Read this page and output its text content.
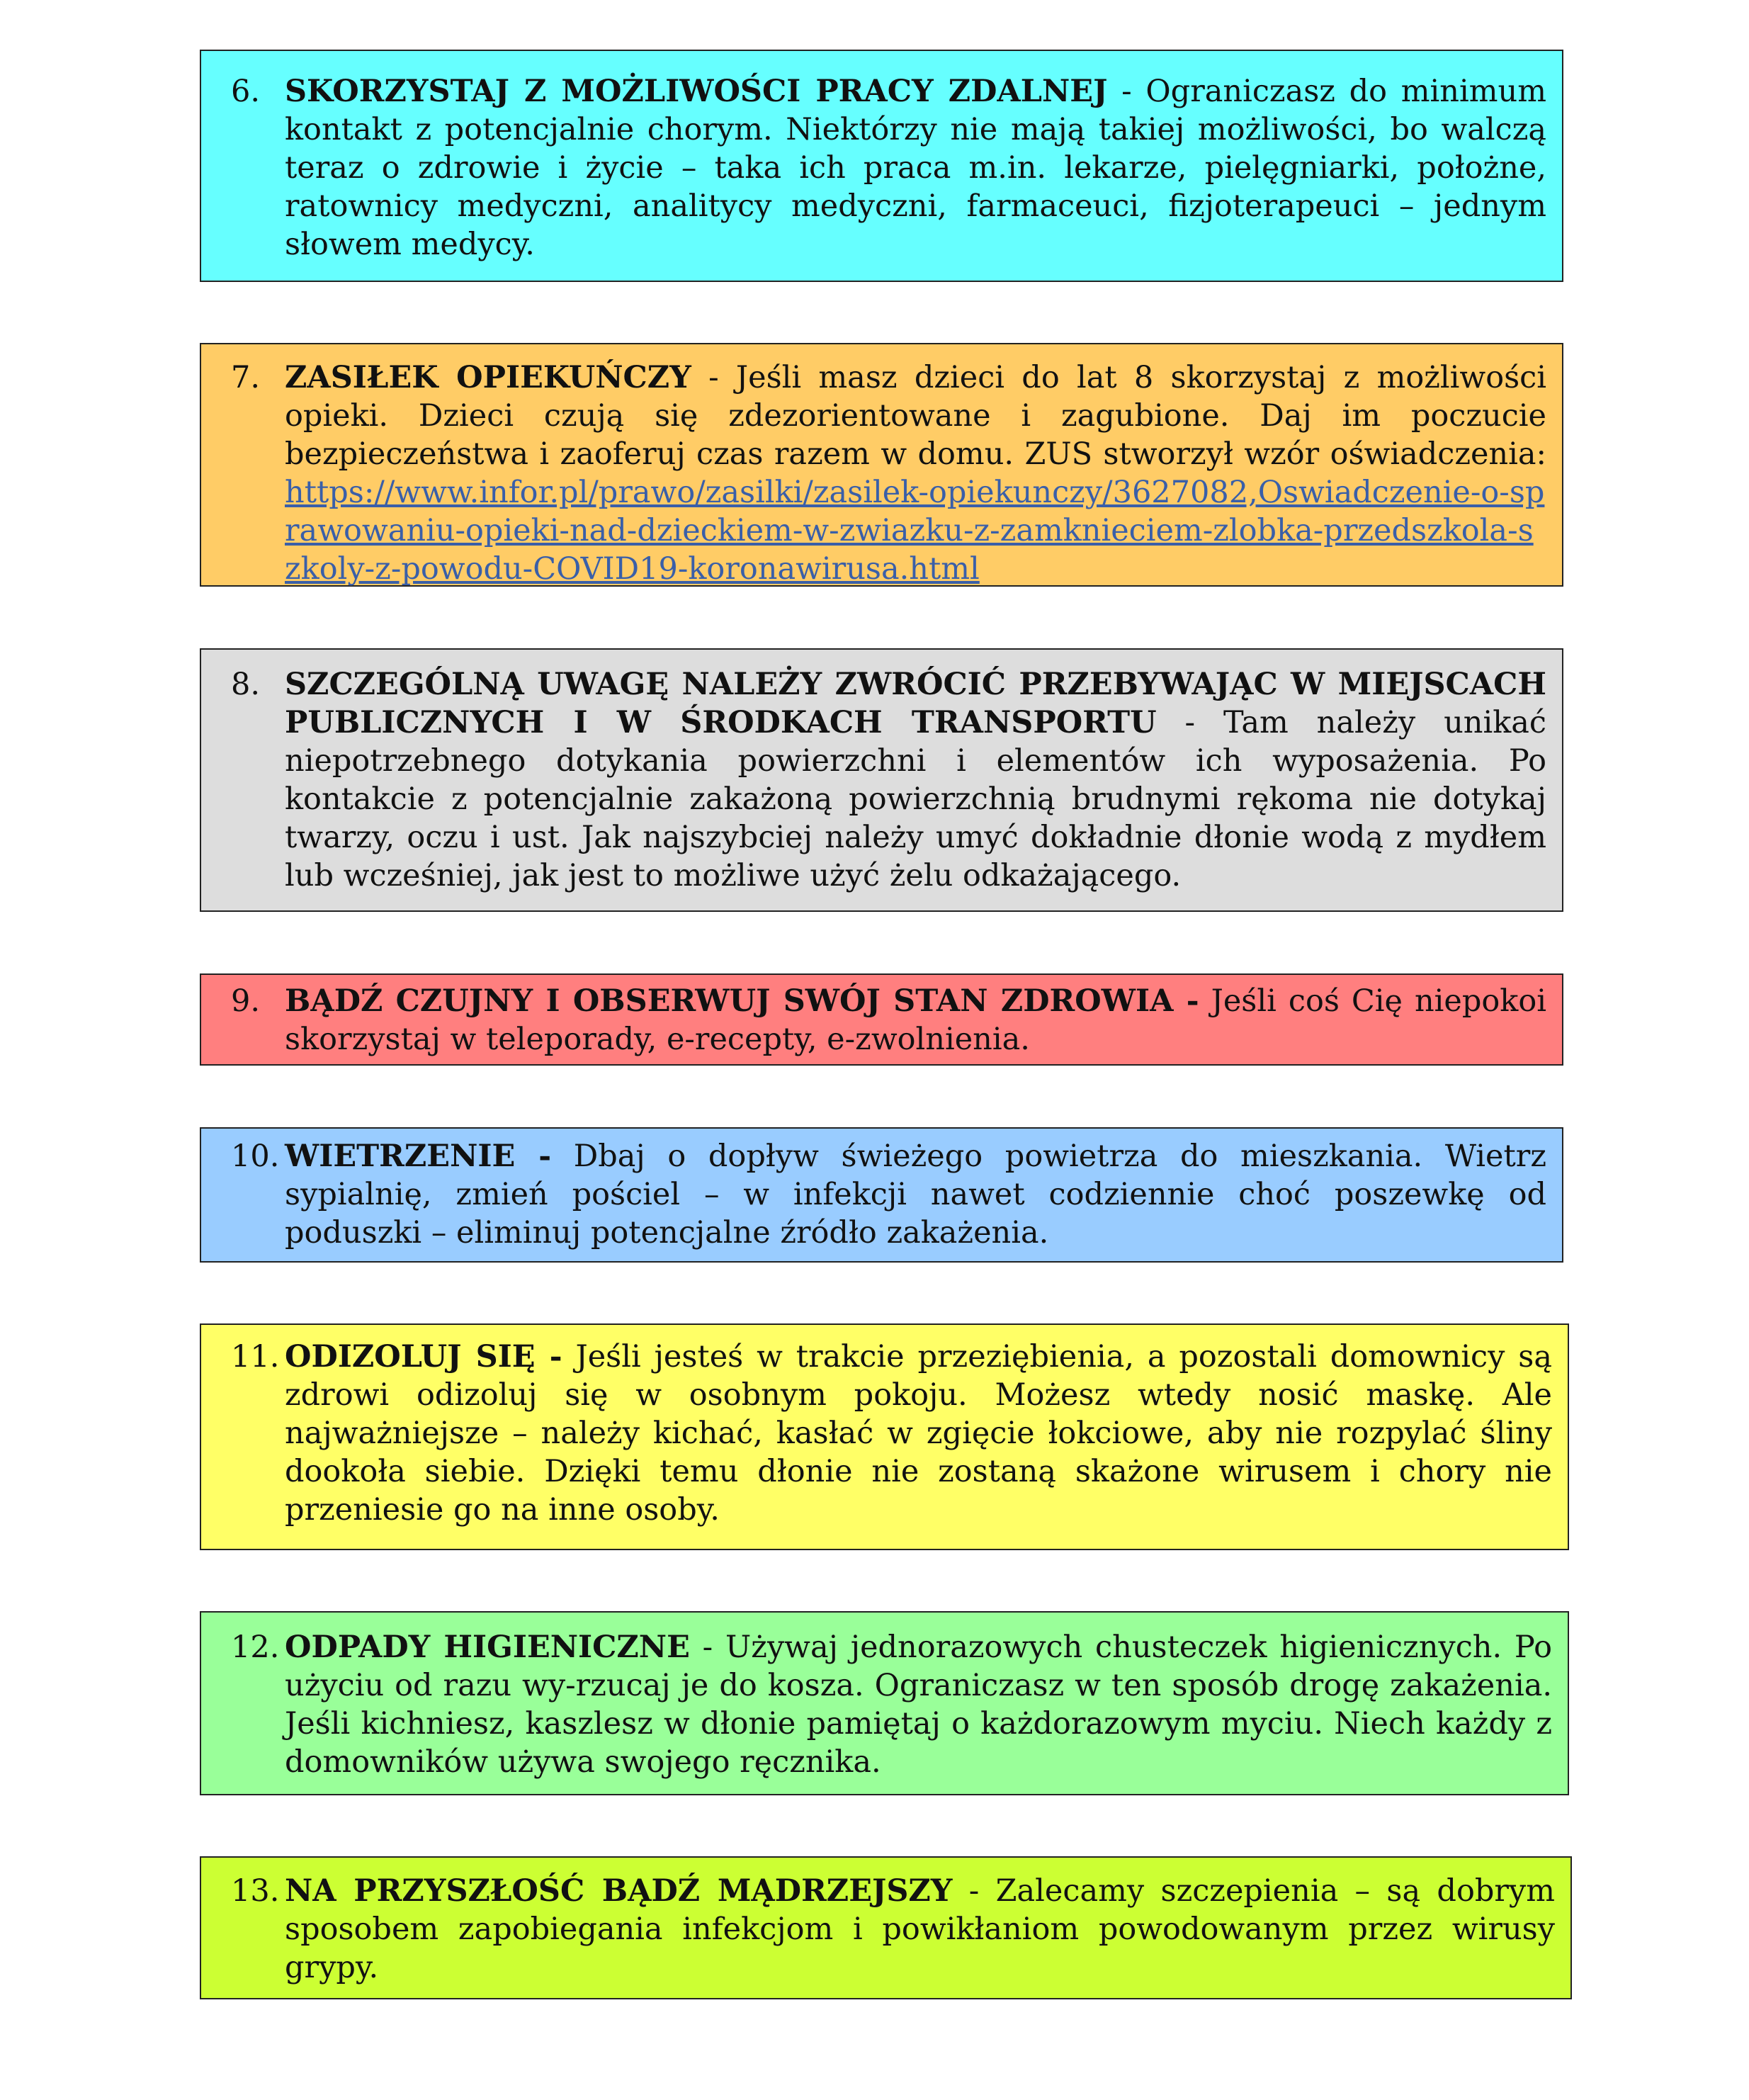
6. SKORZYSTAJ Z MOŻLIWOŚCI PRACY ZDALNEJ - Ograniczasz do minimum kontakt z potencjalnie chorym. Niektórzy nie mają takiej możliwości, bo walczą teraz o zdrowie i życie – taka ich praca m.in. lekarze, pielęgniarki, położne, ratownicy medyczni, analitycy medyczni, farmaceuci, fizjoterapeuci – jednym słowem medycy.
7. ZASIŁEK OPIEKUŃCZY - Jeśli masz dzieci do lat 8 skorzystaj z możliwości opieki. Dzieci czują się zdezorientowane i zagubione. Daj im poczucie bezpieczeństwa i zaoferuj czas razem w domu. ZUS stworzył wzór oświadczenia: https://www.infor.pl/prawo/zasilki/zasilek-opiekunczy/3627082,Oswiadczenie-o-sprawowaniu-opieki-nad-dzieckiem-w-zwiazku-z-zamknieciem-zlobka-przedszkola-szkoly-z-powodu-COVID19-koronawirusa.html
8. SZCZEGÓLNĄ UWAGĘ NALEŻY ZWRÓCIĆ PRZEBYWAJĄC W MIEJSCACH PUBLICZNYCH I W ŚRODKACH TRANSPORTU - Tam należy unikać niepotrzebnego dotykania powierzchni i elementów ich wyposażenia. Po kontakcie z potencjalnie zakażoną powierzchnią brudnymi rękoma nie dotykaj twarzy, oczu i ust. Jak najszybciej należy umyć dokładnie dłonie wodą z mydłem lub wcześniej, jak jest to możliwe użyć żelu odkażającego.
9. BĄDŹ CZUJNY I OBSERWUJ SWÓJ STAN ZDROWIA - Jeśli coś Cię niepokoi skorzystaj w teleporady, e-recepty, e-zwolnienia.
10. WIETRZENIE - Dbaj o dopływ świeżego powietrza do mieszkania. Wietrz sypialnię, zmień pościel – w infekcji nawet codziennie choć poszewkę od poduszki – eliminuj potencjalne źródło zakażenia.
11. ODIZOLUJ SIĘ - Jeśli jesteś w trakcie przeziębienia, a pozostali domownicy są zdrowi odizoluj się w osobnym pokoju. Możesz wtedy nosić maskę. Ale najważniejsze – należy kichać, kasłać w zgięcie łokciowe, aby nie rozpylać śliny dookoła siebie. Dzięki temu dłonie nie zostaną skażone wirusem i chory nie przeniesie go na inne osoby.
12. ODPADY HIGIENICZNE - Używaj jednorazowych chusteczek higienicznych. Po użyciu od razu wy-rzucaj je do kosza. Ograniczasz w ten sposób drogę zakażenia. Jeśli kichniesz, kaszlesz w dłonie pamiętaj o każdorazowym myciu. Niech każdy z domowników używa swojego ręcznika.
13. NA PRZYSZŁOŚĆ BĄDŹ MĄDRZEJSZY - Zalecamy szczepienia – są dobrym sposobem zapobiegania infekcjom i powikłaniom powodowanym przez wirusy grypy.
